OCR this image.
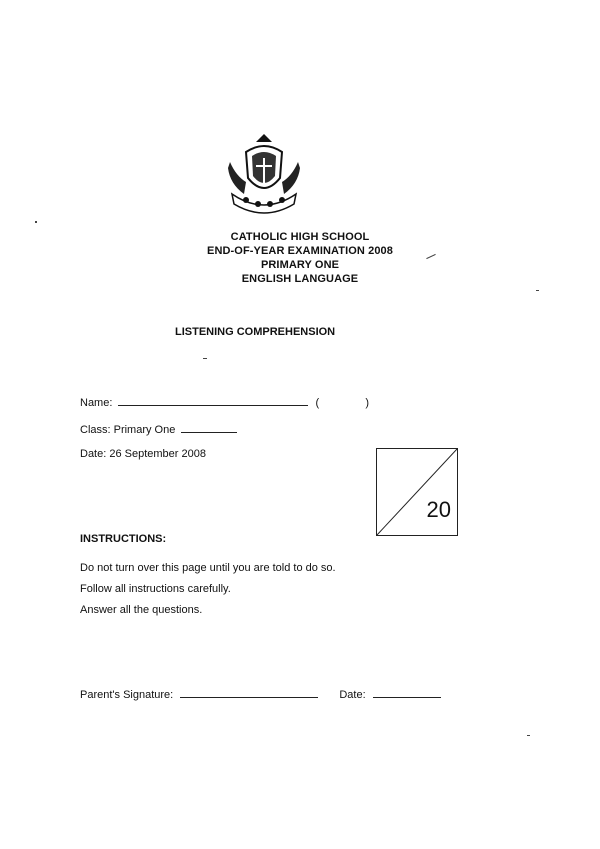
CATHOLIC HIGH SCHOOL
END-OF-YEAR EXAMINATION 2008
PRIMARY ONE
ENGLISH LANGUAGE
LISTENING COMPREHENSION
Name:	(	)
Class: Primary One
Date: 26 September 2008
20
INSTRUCTIONS:
Do not turn over this page until you are told to do so.
Follow all instructions carefully.
Answer all the questions.
Parent's Signature:	Date:
